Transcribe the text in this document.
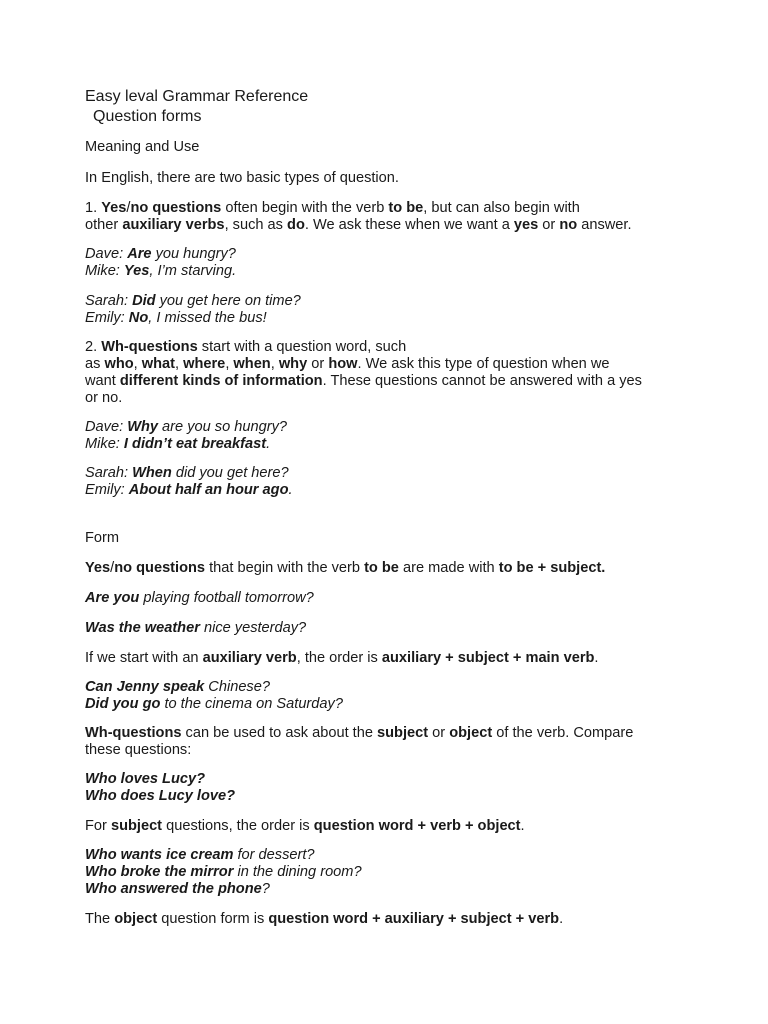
Easy leval Grammar Reference
Question forms

Meaning and Use

In English, there are two basic types of question.

1. Yes/no questions often begin with the verb to be, but can also begin with
other auxiliary verbs, such as do. We ask these when we want a yes or no answer.

Dave: Are you hungry?
Mike: Yes, I’m starving.

Sarah: Did you get here on time?
Emily: No, I missed the bus!

2. Wh-questions start with a question word, such
as who, what, where, when, why or how. We ask this type of question when we
want different kinds of information. These questions cannot be answered with a yes
or no.

Dave: Why are you so hungry?
Mike: I didn’t eat breakfast.

Sarah: When did you get here?
Emily: About half an hour ago.

Form

Yes/no questions that begin with the verb to be are made with to be + subject.

Are you playing football tomorrow?

Was the weather nice yesterday?

If we start with an auxiliary verb, the order is auxiliary + subject + main verb.

Can Jenny speak Chinese?
Did you go to the cinema on Saturday?

Wh-questions can be used to ask about the subject or object of the verb. Compare
these questions:

Who loves Lucy?
Who does Lucy love?

For subject questions, the order is question word + verb + object.

Who wants ice cream for dessert?
Who broke the mirror in the dining room?
Who answered the phone?

The object question form is question word + auxiliary + subject + verb.
